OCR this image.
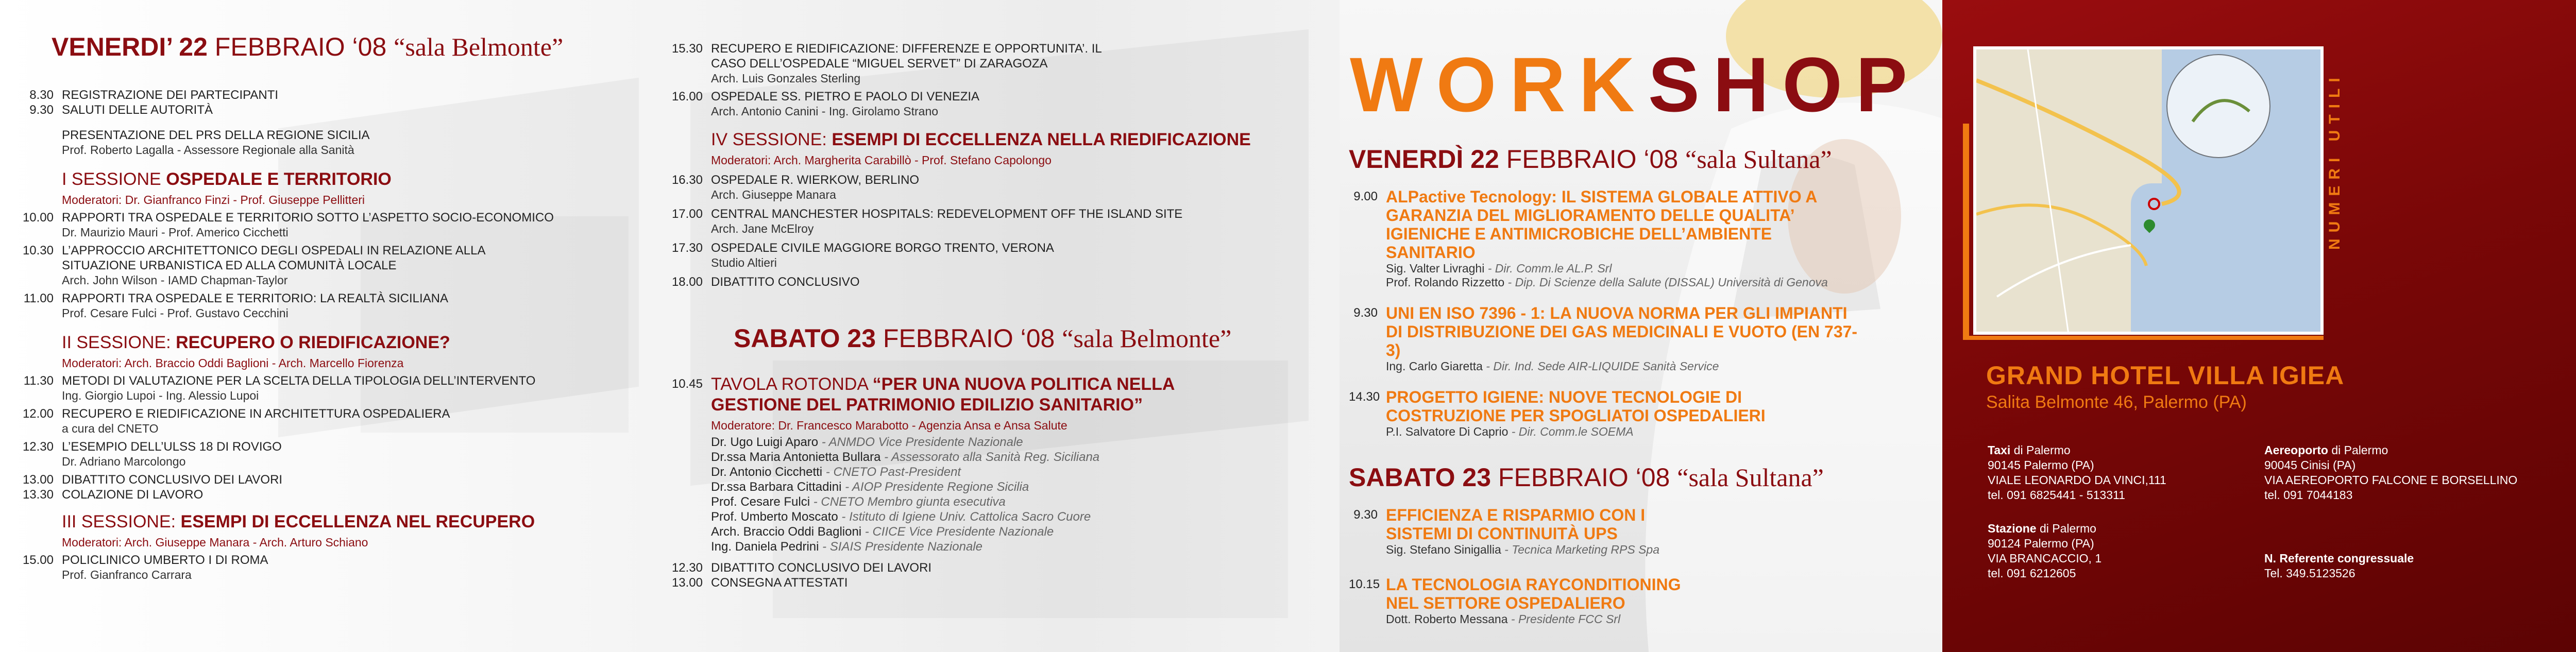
VENERDI’ 22 FEBBRAIO ‘08 “sala Belmonte”
8.30 REGISTRAZIONE DEI PARTECIPANTI
9.30 SALUTI DELLE AUTORITÀ
PRESENTAZIONE DEL PRS DELLA REGIONE SICILIA
Prof. Roberto Lagalla - Assessore Regionale alla Sanità
I SESSIONE OSPEDALE E TERRITORIO
Moderatori: Dr. Gianfranco Finzi - Prof. Giuseppe Pellitteri
10.00 RAPPORTI TRA OSPEDALE E TERRITORIO SOTTO L’ASPETTO SOCIO-ECONOMICO
Dr. Maurizio Mauri - Prof. Americo Cicchetti
10.30 L’APPROCCIO ARCHITETTONICO DEGLI OSPEDALI IN RELAZIONE ALLA SITUAZIONE URBANISTICA ED ALLA COMUNITÀ LOCALE
Arch. John Wilson - IAMD Chapman-Taylor
11.00 RAPPORTI TRA OSPEDALE E TERRITORIO: LA REALTÀ SICILIANA
Prof. Cesare Fulci - Prof. Gustavo Cecchini
II SESSIONE: RECUPERO O RIEDIFICAZIONE?
Moderatori: Arch. Braccio Oddi Baglioni - Arch. Marcello Fiorenza
11.30 METODI DI VALUTAZIONE PER LA SCELTA DELLA TIPOLOGIA DELL’INTERVENTO
Ing. Giorgio Lupoi - Ing. Alessio Lupoi
12.00 RECUPERO E RIEDIFICAZIONE IN ARCHITETTURA OSPEDALIERA
a cura del CNETO
12.30 L’ESEMPIO DELL’ULSS 18 DI ROVIGO
Dr. Adriano Marcolongo
13.00 DIBATTITO CONCLUSIVO DEI LAVORI
13.30 COLAZIONE DI LAVORO
III SESSIONE: ESEMPI DI ECCELLENZA NEL RECUPERO
Moderatori: Arch. Giuseppe Manara - Arch. Arturo Schiano
15.00 POLICLINICO UMBERTO I DI ROMA
Prof. Gianfranco Carrara
15.30 RECUPERO E RIEDIFICAZIONE: DIFFERENZE E OPPORTUNITA’. IL CASO DELL’OSPEDALE “MIGUEL SERVET” DI ZARAGOZA
Arch. Luis Gonzales Sterling
16.00 OSPEDALE SS. PIETRO E PAOLO DI VENEZIA
Arch. Antonio Canini - Ing. Girolamo Strano
IV SESSIONE: ESEMPI DI ECCELLENZA NELLA RIEDIFICAZIONE
Moderatori: Arch. Margherita Carabillò - Prof. Stefano Capolongo
16.30 OSPEDALE R. WIERKOW, BERLINO
Arch. Giuseppe Manara
17.00 CENTRAL MANCHESTER HOSPITALS: REDEVELOPMENT OFF THE ISLAND SITE
Arch. Jane McElroy
17.30 OSPEDALE CIVILE MAGGIORE BORGO TRENTO, VERONA
Studio Altieri
18.00 DIBATTITO CONCLUSIVO
SABATO 23 FEBBRAIO ‘08 “sala Belmonte”
10.45 TAVOLA ROTONDA “PER UNA NUOVA POLITICA NELLA GESTIONE DEL PATRIMONIO EDILIZIO SANITARIO”
Moderatore: Dr. Francesco Marabotto - Agenzia Ansa e Ansa Salute
Dr. Ugo Luigi Aparo - ANMDO Vice Presidente Nazionale
Dr.ssa Maria Antonietta Bullara - Assessorato alla Sanità Reg. Siciliana
Dr. Antonio Cicchetti - CNETO Past-President
Dr.ssa Barbara Cittadini - AIOP Presidente Regione Sicilia
Prof. Cesare Fulci - CNETO Membro giunta esecutiva
Prof. Umberto Moscato - Istituto di Igiene Univ. Cattolica Sacro Cuore
Arch. Braccio Oddi Baglioni - CIICE Vice Presidente Nazionale
Ing. Daniela Pedrini - SIAIS Presidente Nazionale
12.30 DIBATTITO CONCLUSIVO DEI LAVORI
13.00 CONSEGNA ATTESTATI
WORKSHOP
VENERDÌ 22 FEBBRAIO ‘08 “sala Sultana”
9.00 ALPactive Tecnology: IL SISTEMA GLOBALE ATTIVO A GARANZIA DEL MIGLIORAMENTO DELLE QUALITA’ IGIENICHE E ANTIMICROBICHE DELL’AMBIENTE SANITARIO
Sig. Valter Livraghi - Dir. Comm.le AL.P. Srl
Prof. Rolando Rizzetto - Dip. Di Scienze della Salute (DISSAL) Università di Genova
9.30 UNI EN ISO 7396 - 1: LA NUOVA NORMA PER GLI IMPIANTI DI DISTRIBUZIONE DEI GAS MEDICINALI E VUOTO (EN 737-3)
Ing. Carlo Giaretta - Dir. Ind. Sede AIR-LIQUIDE Sanità Service
14.30 PROGETTO IGIENE: NUOVE TECNOLOGIE DI COSTRUZIONE PER SPOGLIATOI OSPEDALIERI
P.I. Salvatore Di Caprio - Dir. Comm.le SOEMA
SABATO 23 FEBBRAIO ‘08 “sala Sultana”
9.30 EFFICIENZA E RISPARMIO CON I SISTEMI DI CONTINUITÀ UPS
Sig. Stefano Sinigallia - Tecnica Marketing RPS Spa
10.15 LA TECNOLOGIA RAYCONDITIONING NEL SETTORE OSPEDALIERO
Dott. Roberto Messana - Presidente FCC Srl
NUMERI UTILI
GRAND HOTEL VILLA IGIEA
Salita Belmonte 46, Palermo (PA)
Taxi di Palermo
90145 Palermo (PA)
VIALE LEONARDO DA VINCI,111
tel. 091 6825441 - 513311
Aereoporto di Palermo
90045 Cinisi (PA)
VIA AEREOPORTO FALCONE E BORSELLINO
tel. 091 7044183
Stazione di Palermo
90124 Palermo (PA)
VIA BRANCACCIO, 1
tel. 091 6212605
N. Referente congressuale
Tel. 349.5123526
